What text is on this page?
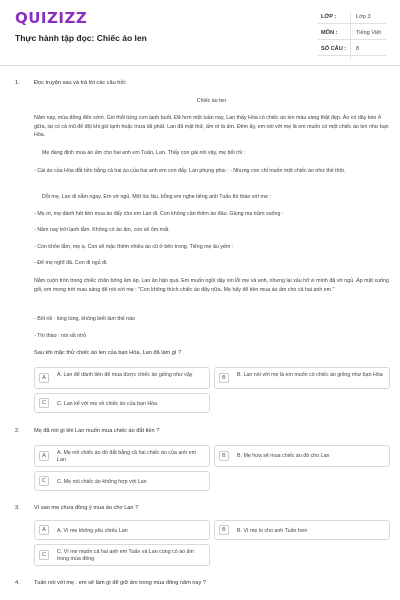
QUIZIZZ
Thực hành tập đọc: Chiếc áo len
LỚP :	Lớp 3
MÔN :	Tiếng Việt
SỐ CÂU : 8
1.	Đọc truyện sau và trả lời các câu hỏi:
Chiếc áo len
Năm nay, mùa đông đến sớm. Gió thổi từng cơn lạnh buốt. Đã hơn một tuần nay, Lan thấy Hòa có chiếc áo len màu vàng thật đẹp. Áo có dây kéo ở giữa, lại có cả mũ để đội khi gió lạnh hoặc mưa lất phất. Lan đã mặt thử, ấm ơi là ấm. Đêm ấy, em nói với mẹ là em muốn có một chiếc áo len như bạn Hòa.
Mẹ đang định mua áo ấm cho hai anh em Tuấn, Lan. Thấy con gái nói vậy, mẹ bối rối :
- Cái áo của Hòa đắt tiền bằng cả hai áo của hai anh em con đấy. Lan phụng phịu : - Nhưng con chỉ muốn một chiếc áo như thế thôi.
Dỗi mẹ, Lan đi nằm ngay. Em vờ ngủ. Một lúc lâu, bỗng em nghe tiếng anh Tuấn thì thào với mẹ :
- Mẹ ơi, mẹ dành hết tiền mua áo đấy cho em Lan đi. Con không cần thêm áo đâu. Giọng mẹ trầm xuống :
- Năm nay trời lạnh lắm. Không có áo ấm, con sẽ ốm mất.
- Con khỏe lắm, mẹ ạ. Con sẽ mặc thêm nhiều áo cũ ở bên trong. Tiếng mẹ âu yếm :
- Để mẹ nghĩ đã. Con đi ngủ đi.
Nằm cuộn tròn trong chiếc chăn bông ấm áp, Lan ân hận quá. Em muốn ngồi dậy xin lỗi mẹ và anh, nhưng lại xấu hổ vì mình đã vờ ngủ. Áp mặt xuống gối, em mong trời mau sáng để nói với mẹ : "Con không thích chiếc áo đấy nữa. Mẹ hãy để tiền mua áo ấm cho cả hai anh em."
- Bối rối : lúng túng, không biết làm thế nào
- Thì thào : nói rất nhỏ
Sau khi mặc thử chiếc áo len của bạn Hòa, Lan đã làm gì ?
A	A. Lan để dành tiền để mua được chiếc áo giống như vậy	B	B. Lan nói với mẹ là em muốn có chiếc áo giống như bạn Hòa
C	C. Lan kể với mẹ về chiếc áo của bạn Hòa
2.	Mẹ đã nói gì khi Lan muốn mua chiếc áo đắt tiền ?
A	A. Mẹ nói chiếc áo đó đắt bằng cả hai chiếc áo của anh em Lan
B	B. Mẹ hứa sẽ mua chiếc áo đó cho Lan
C	C. Mẹ nói chiếc áo không hợp với Lan
3.	Vì sao mẹ chưa đồng ý mua áo cho Lan ?
A	A. Vì mẹ không yêu chiều Lan	B	B. Vì mẹ lo cho anh Tuấn hơn
C	C. Vì mẹ muốn cả hai anh em Tuấn và Lan cùng có áo ấm trong mùa đông
4.	Tuấn nói với mẹ : em sẽ làm gì để giữ ấm trong mùa đông năm nay ?
